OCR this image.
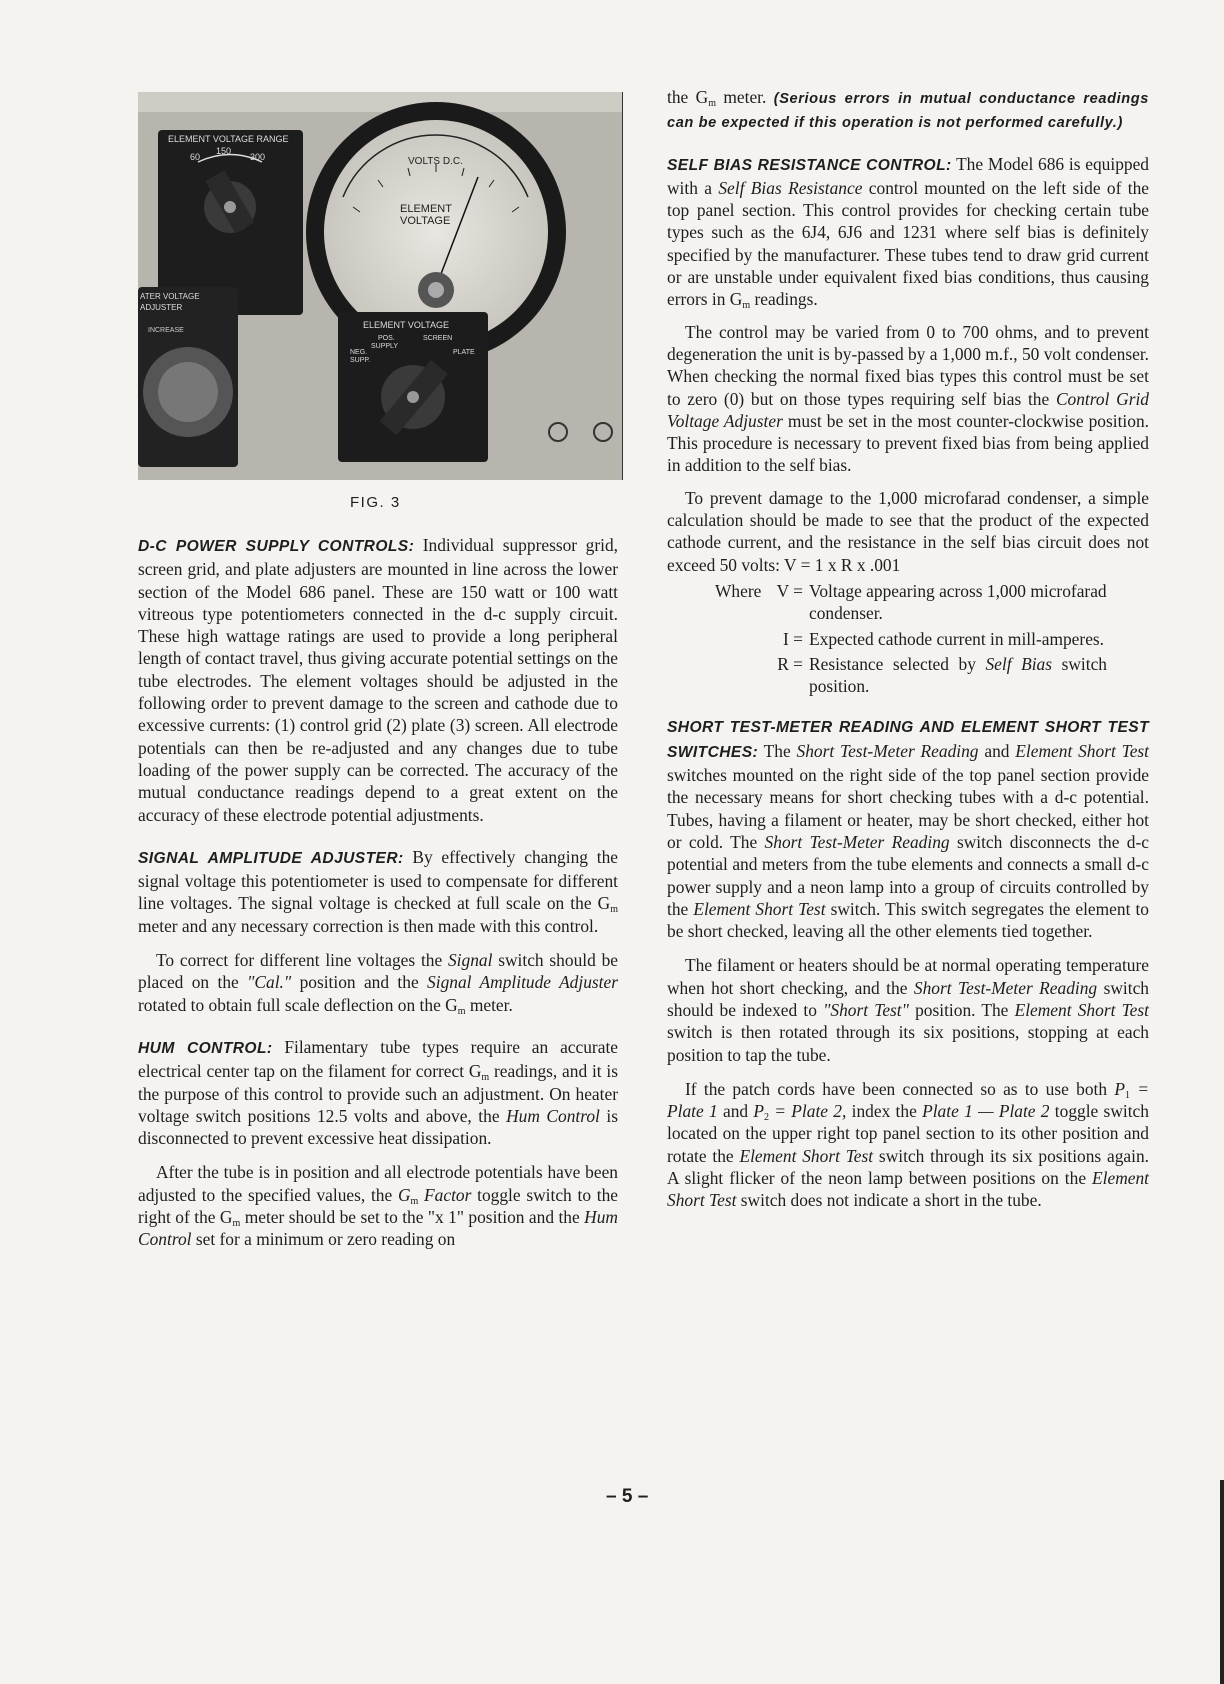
ELEMENT VOLTAGE RANGE
150
60	300	VOLTS D.C.
ELEMENT
VOLTAGE
ATER VOLTAGE
ADJUSTER
INCREASE
ELEMENT VOLTAGE
POS.
SUPPLY
SCREEN
NEG.
SUPP.
PLATE
FIG. 3

D-C POWER SUPPLY CONTROLS: Individual suppressor grid, screen grid, and plate adjusters are mounted in line across the lower section of the Model 686 panel. These are 150 watt or 100 watt vitreous type potentiometers connected in the d-c supply circuit. These high wattage ratings are used to provide a long peripheral length of contact travel, thus giving accurate potential settings on the tube electrodes. The element voltages should be adjusted in the following order to prevent damage to the screen and cathode due to excessive currents: (1) control grid (2) plate (3) screen. All electrode potentials can then be re-adjusted and any changes due to tube loading of the power supply can be corrected. The accuracy of the mutual conductance readings depend to a great extent on the accuracy of these electrode potential adjustments.

SIGNAL AMPLITUDE ADJUSTER: By effectively changing the signal voltage this potentiometer is used to compensate for different line voltages. The signal voltage is checked at full scale on the $G_m$ meter and any necessary correction is then made with this control.

To correct for different line voltages the Signal switch should be placed on the "Cal." position and the Signal Amplitude Adjuster rotated to obtain full scale deflection on the $G_m$ meter.

HUM CONTROL: Filamentary tube types require an accurate electrical center tap on the filament for correct $G_m$ readings, and it is the purpose of this control to provide such an adjustment. On heater voltage switch positions 12.5 volts and above, the Hum Control is disconnected to prevent excessive heat dissipation.

After the tube is in position and all electrode potentials have been adjusted to the specified values, the $G_m$ Factor toggle switch to the right of the $G_m$ meter should be set to the "x 1" position and the Hum Control set for a minimum or zero reading on

the $G_m$ meter. (Serious errors in mutual conductance readings can be expected if this operation is not performed carefully.)

SELF BIAS RESISTANCE CONTROL: The Model 686 is equipped with a Self Bias Resistance control mounted on the left side of the top panel section. This control provides for checking certain tube types such as the 6J4, 6J6 and 1231 where self bias is definitely specified by the manufacturer. These tubes tend to draw grid current or are unstable under equivalent fixed bias conditions, thus causing errors in $G_m$ readings.

The control may be varied from 0 to 700 ohms, and to prevent degeneration the unit is by-passed by a 1,000 m.f., 50 volt condenser. When checking the normal fixed bias types this control must be set to zero (0) but on those types requiring self bias the Control Grid Voltage Adjuster must be set in the most counter-clockwise position. This procedure is necessary to prevent fixed bias from being applied in addition to the self bias.

To prevent damage to the 1,000 microfarad condenser, a simple calculation should be made to see that the product of the expected cathode current, and the resistance in the self bias circuit does not exceed 50 volts: V = 1 x R x .001

Where	V =	Voltage appearing across 1,000 microfarad condenser.
	I =	Expected cathode current in mill-amperes.
	R =	Resistance selected by Self Bias switch position.

SHORT TEST-METER READING AND ELEMENT SHORT TEST SWITCHES: The Short Test-Meter Reading and Element Short Test switches mounted on the right side of the top panel section provide the necessary means for short checking tubes with a d-c potential. Tubes, having a filament or heater, may be short checked, either hot or cold. The Short Test-Meter Reading switch disconnects the d-c potential and meters from the tube elements and connects a small d-c power supply and a neon lamp into a group of circuits controlled by the Element Short Test switch. This switch segregates the element to be short checked, leaving all the other elements tied together.

The filament or heaters should be at normal operating temperature when hot short checking, and the Short Test-Meter Reading switch should be indexed to "Short Test" position. The Element Short Test switch is then rotated through its six positions, stopping at each position to tap the tube.

If the patch cords have been connected so as to use both $P_1$ = Plate 1 and $P_2$ = Plate 2, index the Plate 1 — Plate 2 toggle switch located on the upper right top panel section to its other position and rotate the Element Short Test switch through its six positions again. A slight flicker of the neon lamp between positions on the Element Short Test switch does not indicate a short in the tube.

– 5 –
